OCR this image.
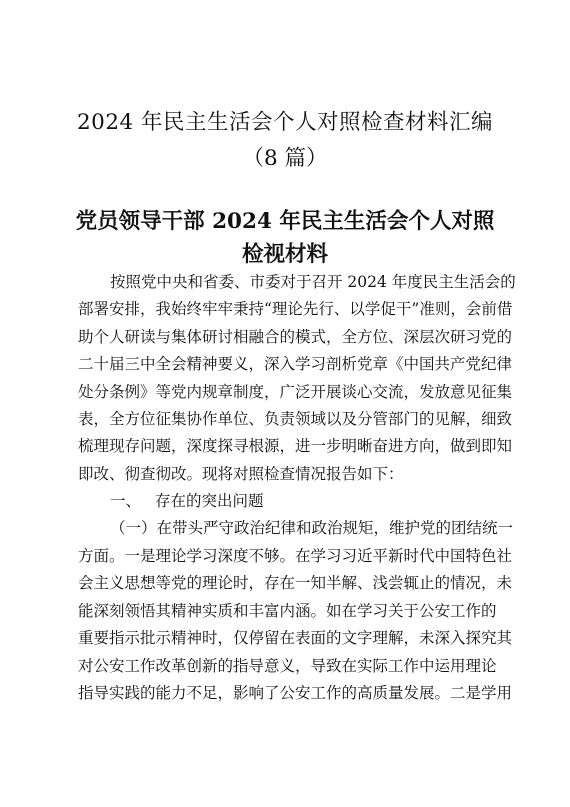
2024 年民主生活会个人对照检查材料汇编
（8 篇）
党员领导干部 2024 年民主生活会个人对照
检视材料
按照党中央和省委、市委对于召开 2024 年度民主生活会的
部署安排，我始终牢牢秉持“理论先行、以学促干”准则，会前借
助个人研读与集体研讨相融合的模式，全方位、深层次研习党的
二十届三中全会精神要义，深入学习剖析党章《中国共产党纪律
处分条例》等党内规章制度，广泛开展谈心交流，发放意见征集
表，全方位征集协作单位、负责领域以及分管部门的见解，细致
梳理现存问题，深度探寻根源，进一步明晰奋进方向，做到即知
即改、彻查彻改。现将对照检查情况报告如下：
一、 存在的突出问题
（一）在带头严守政治纪律和政治规矩，维护党的团结统一
方面。一是理论学习深度不够。在学习习近平新时代中国特色社
会主义思想等党的理论时，存在一知半解、浅尝辄止的情况，未
能深刻领悟其精神实质和丰富内涵。如在学习关于公安工作的
重要指示批示精神时，仅停留在表面的文字理解，未深入探究其
对公安工作改革创新的指导意义，导致在实际工作中运用理论
指导实践的能力不足，影响了公安工作的高质量发展。二是学用
